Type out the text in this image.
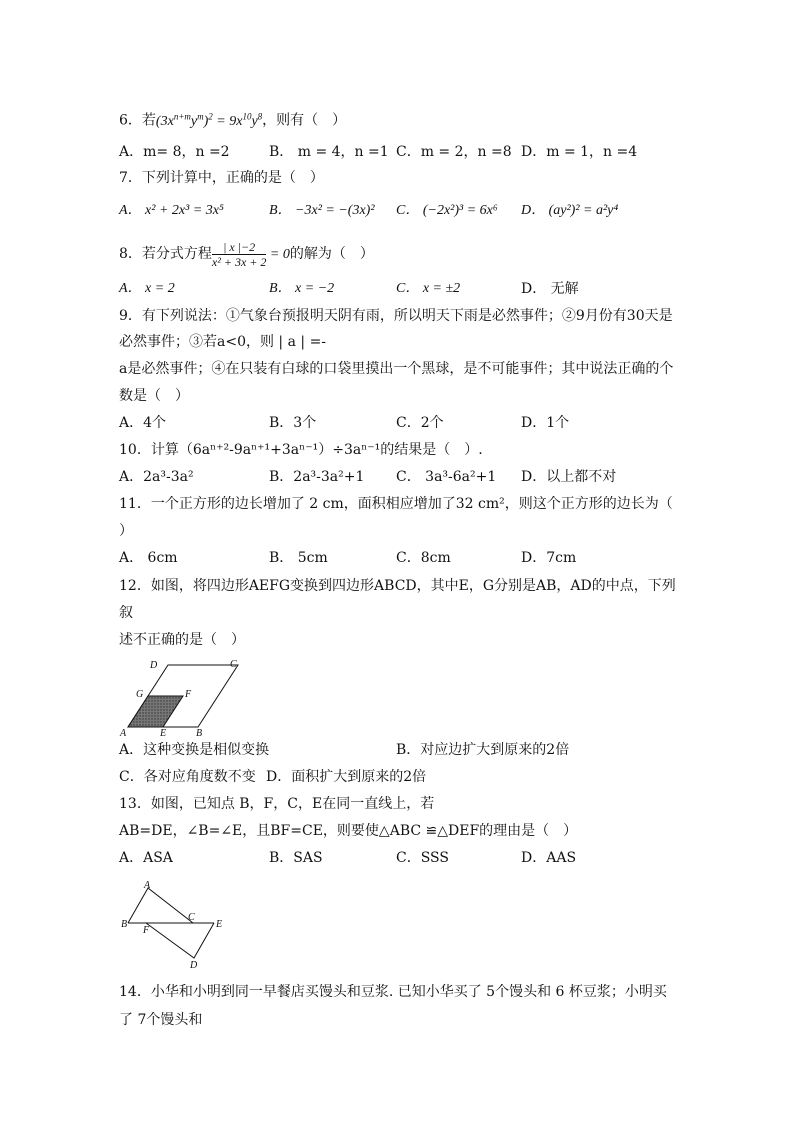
6．若$(3x^{n+m}y^m)^2 = 9x^{10}y^8$，则有（　）
A．m= 8，n =2	B． m = 4，n =1 C．m = 2，n =8 D．m = 1，n =4
7．下列计算中，正确的是（　）
A． x² + 2x³ = 3x⁵	B． −3x² = −(3x)² C． (−2x²)³ = 6x⁶ D． (ay²)² = a²y⁴
8．若分式方程 $\frac{| x |-2}{\text{x² + 3x + 2}} = 0$的解为（　）
A． x = 2	B． x = −2	C． x = ±2	D． 无解
9．有下列说法：①气象台预报明天阴有雨，所以明天下雨是必然事件；②9月份有30天是
必然事件；③若a<0，则 | a | =-
a是必然事件；④在只装有白球的口袋里摸出一个黑球，是不可能事件；其中说法正确的个
数是（　）
A．4个	B．3个	C．2个	D．1个
10．计算（6aⁿ⁺²-9aⁿ⁺¹+3aⁿ⁻¹）÷3aⁿ⁻¹的结果是（　）.
A．2a³-3a²	B．2a³-3a²+1 C． 3a³-6a²+1 D．以上都不对
11．一个正方形的边长增加了 2 cm，面积相应增加了32 cm²，则这个正方形的边长为（
）
A． 6cm	B． 5cm	C．8cm	D．7cm
12．如图，将四边形AEFG变换到四边形ABCD，其中E，G分别是AB，AD的中点，下列
叙
述不正确的是（　）
D	C
G	F
A	E	B
A．这种变换是相似变换	B．对应边扩大到原来的2倍
C．各对应角度数不变 D．面积扩大到原来的2倍
13．如图，已知点 B，F，C，E在同一直线上，若
AB=DE，∠B=∠E，且BF=CE，则要使△ABC ≌△DEF的理由是（　）
A．ASA	B．SAS	C．SSS	D．AAS
A
B
F
C
E
D
14．小华和小明到同一早餐店买馒头和豆浆. 已知小华买了 5个馒头和 6 杯豆浆；小明买
了 7个馒头和
